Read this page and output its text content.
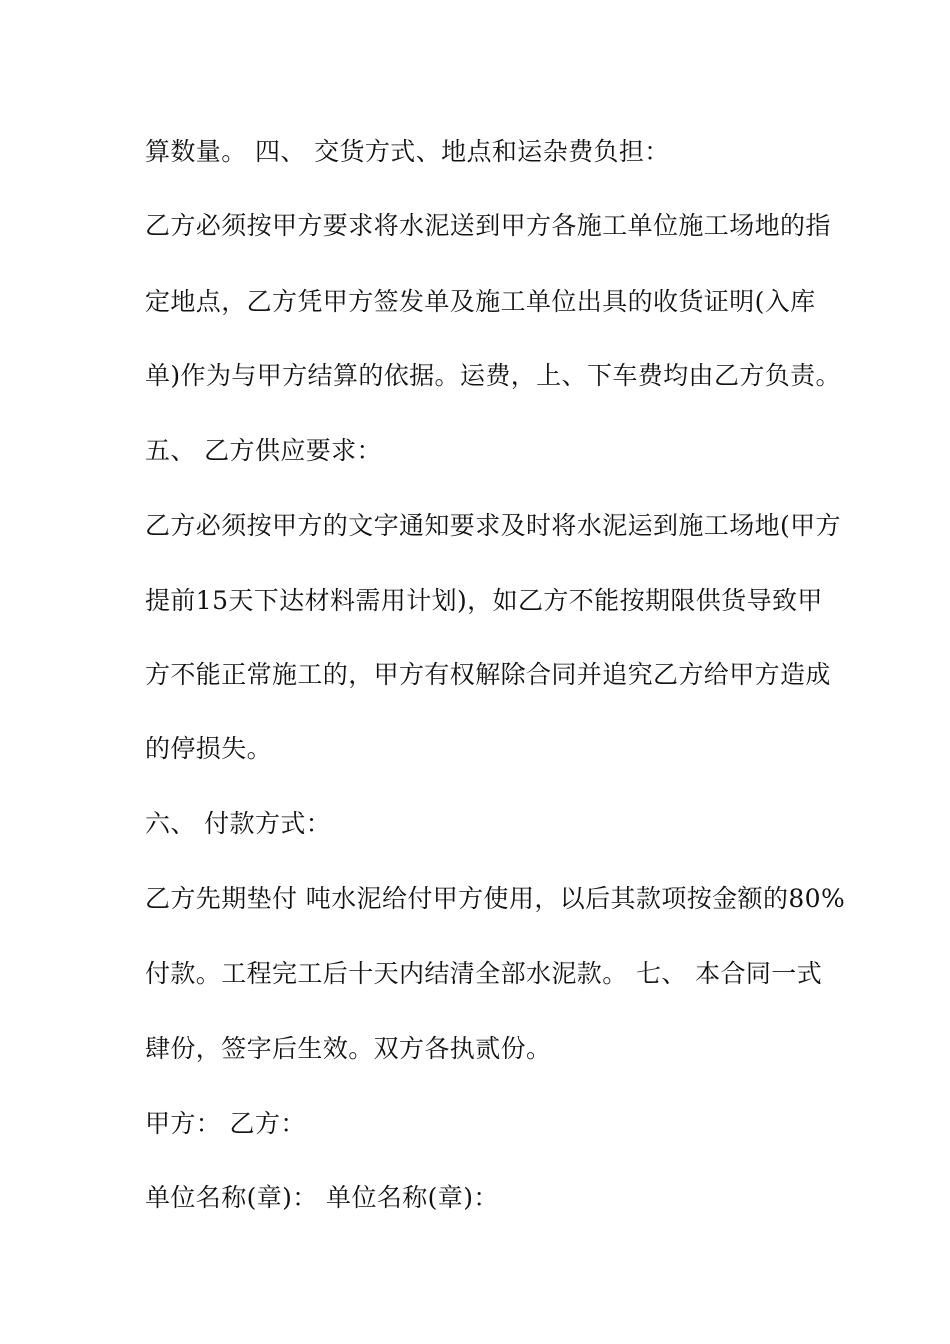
算数量。 四、 交货方式、地点和运杂费负担：
乙方必须按甲方要求将水泥送到甲方各施工单位施工场地的指
定地点，乙方凭甲方签发单及施工单位出具的收货证明(入库
单)作为与甲方结算的依据。运费，上、下车费均由乙方负责。
五、 乙方供应要求：
乙方必须按甲方的文字通知要求及时将水泥运到施工场地(甲方
提前15天下达材料需用计划)，如乙方不能按期限供货导致甲
方不能正常施工的，甲方有权解除合同并追究乙方给甲方造成
的停损失。
六、 付款方式：
乙方先期垫付 吨水泥给付甲方使用，以后其款项按金额的80%
付款。工程完工后十天内结清全部水泥款。 七、 本合同一式
肆份，签字后生效。双方各执贰份。
甲方： 乙方：
单位名称(章)： 单位名称(章)：
